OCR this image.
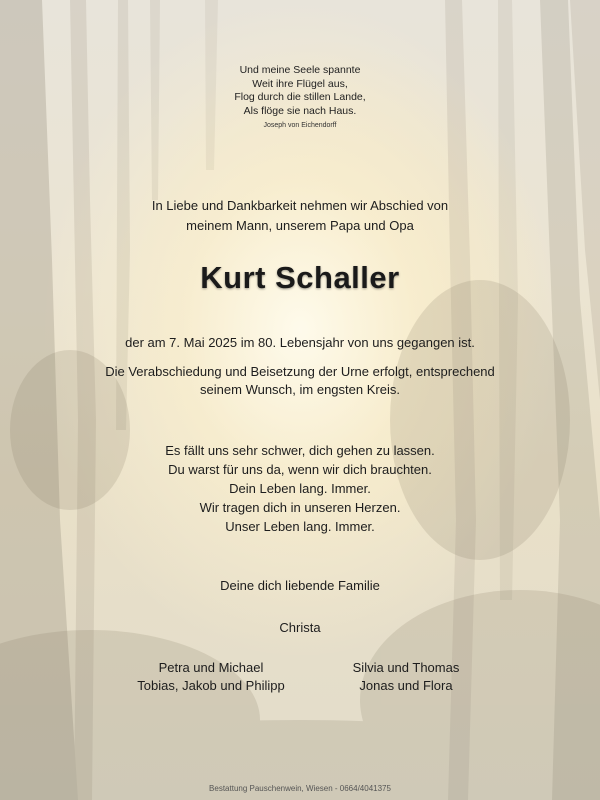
Und meine Seele spannte
Weit ihre Flügel aus,
Flog durch die stillen Lande,
Als flöge sie nach Haus.
Joseph von Eichendorff
In Liebe und Dankbarkeit nehmen wir Abschied von
meinem Mann, unserem Papa und Opa
Kurt Schaller
der am 7. Mai 2025 im 80. Lebensjahr von uns gegangen ist.
Die Verabschiedung und Beisetzung der Urne erfolgt, entsprechend
seinem Wunsch, im engsten Kreis.
Es fällt uns sehr schwer, dich gehen zu lassen.
Du warst für uns da, wenn wir dich brauchten.
Dein Leben lang. Immer.
Wir tragen dich in unseren Herzen.
Unser Leben lang. Immer.
Deine dich liebende Familie
Christa
Petra und Michael
Tobias, Jakob und Philipp
Silvia und Thomas
Jonas und Flora
Bestattung Pauschenwein, Wiesen - 0664/4041375
